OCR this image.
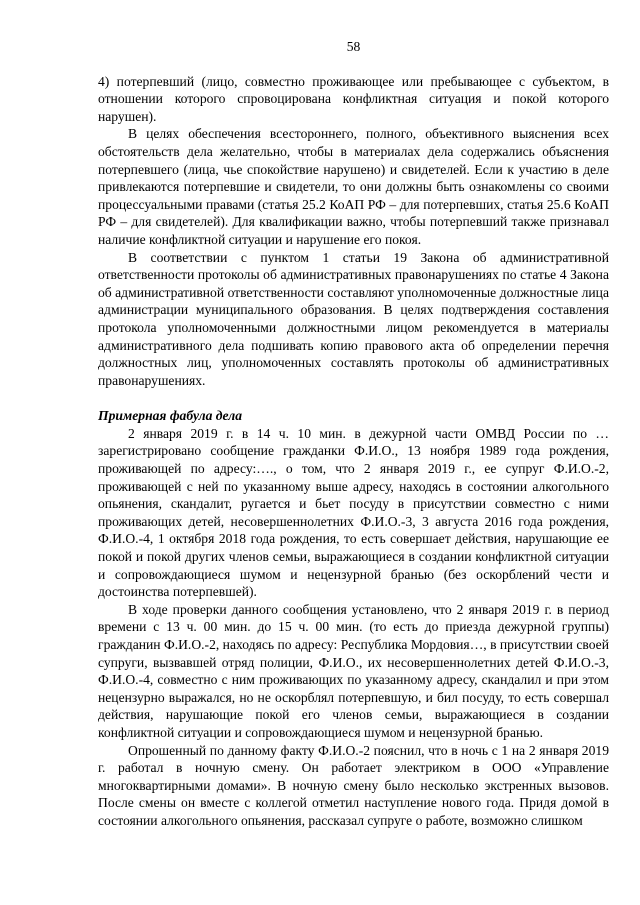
58

4) потерпевший (лицо, совместно проживающее или пребывающее с субъектом, в отношении которого спровоцирована конфликтная ситуация и покой которого нарушен).

В целях обеспечения всестороннего, полного, объективного выяснения всех обстоятельств дела желательно, чтобы в материалах дела содержались объяснения потерпевшего (лица, чье спокойствие нарушено) и свидетелей. Если к участию в деле привлекаются потерпевшие и свидетели, то они должны быть ознакомлены со своими процессуальными правами (статья 25.2 КоАП РФ – для потерпевших, статья 25.6 КоАП РФ – для свидетелей). Для квалификации важно, чтобы потерпевший также признавал наличие конфликтной ситуации и нарушение его покоя.

В соответствии с пунктом 1 статьи 19 Закона об административной ответственности протоколы об административных правонарушениях по статье 4 Закона об административной ответственности составляют уполномоченные должностные лица администрации муниципального образования. В целях подтверждения составления протокола уполномоченными должностными лицом рекомендуется в материалы административного дела подшивать копию правового акта об определении перечня должностных лиц, уполномоченных составлять протоколы об административных правонарушениях.

Примерная фабула дела

2 января 2019 г. в 14 ч. 10 мин. в дежурной части ОМВД России по … зарегистрировано сообщение гражданки Ф.И.О., 13 ноября 1989 года рождения, проживающей по адресу:…., о том, что 2 января 2019 г., ее супруг Ф.И.О.-2, проживающей с ней по указанному выше адресу, находясь в состоянии алкогольного опьянения, скандалит, ругается и бьет посуду в присутствии совместно с ними проживающих детей, несовершеннолетних Ф.И.О.-3, 3 августа 2016 года рождения, Ф.И.О.-4, 1 октября 2018 года рождения, то есть совершает действия, нарушающие ее покой и покой других членов семьи, выражающиеся в создании конфликтной ситуации и сопровождающиеся шумом и нецензурной бранью (без оскорблений чести и достоинства потерпевшей).

В ходе проверки данного сообщения установлено, что 2 января 2019 г. в период времени с 13 ч. 00 мин. до 15 ч. 00 мин. (то есть до приезда дежурной группы) гражданин Ф.И.О.-2, находясь по адресу: Республика Мордовия…, в присутствии своей супруги, вызвавшей отряд полиции, Ф.И.О., их несовершеннолетних детей Ф.И.О.-3, Ф.И.О.-4, совместно с ним проживающих по указанному адресу, скандалил и при этом нецензурно выражался, но не оскорблял потерпевшую, и бил посуду, то есть совершал действия, нарушающие покой его членов семьи, выражающиеся в создании конфликтной ситуации и сопровождающиеся шумом и нецензурной бранью.

Опрошенный по данному факту Ф.И.О.-2 пояснил, что в ночь с 1 на 2 января 2019 г. работал в ночную смену. Он работает электриком в ООО «Управление многоквартирными домами». В ночную смену было несколько экстренных вызовов. После смены он вместе с коллегой отметил наступление нового года. Придя домой в состоянии алкогольного опьянения, рассказал супруге о работе, возможно слишком
